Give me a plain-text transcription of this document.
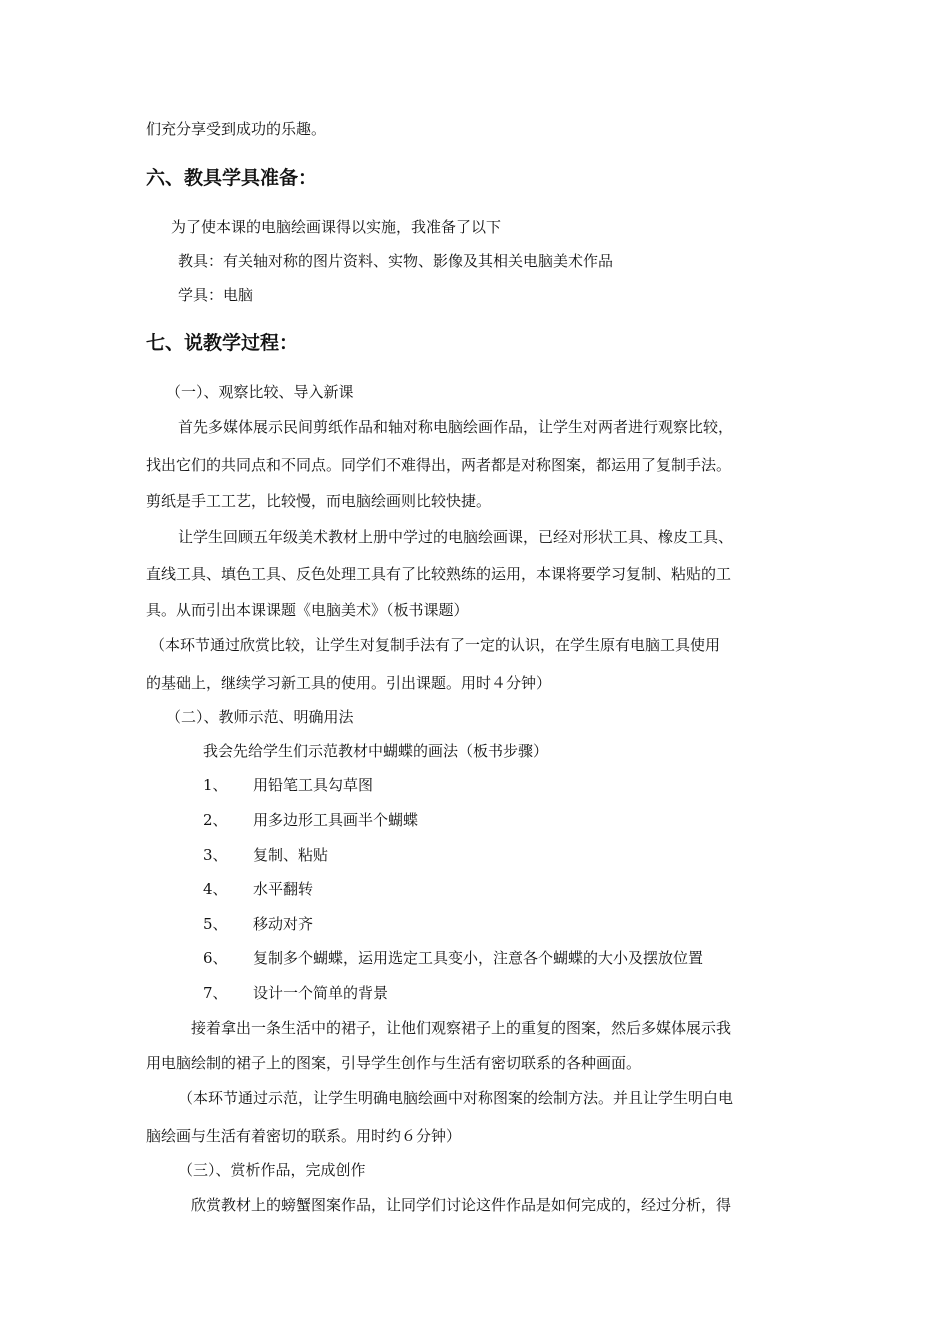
们充分享受到成功的乐趣。
六、教具学具准备：
为了使本课的电脑绘画课得以实施，我准备了以下
教具：有关轴对称的图片资料、实物、影像及其相关电脑美术作品
学具：电脑
七、说教学过程：
（一）、观察比较、导入新课
首先多媒体展示民间剪纸作品和轴对称电脑绘画作品，让学生对两者进行观察比较，
找出它们的共同点和不同点。同学们不难得出，两者都是对称图案，都运用了复制手法。
剪纸是手工工艺，比较慢，而电脑绘画则比较快捷。
让学生回顾五年级美术教材上册中学过的电脑绘画课，已经对形状工具、橡皮工具、
直线工具、填色工具、反色处理工具有了比较熟练的运用，本课将要学习复制、粘贴的工
具。从而引出本课课题《电脑美术》（板书课题）
（本环节通过欣赏比较，让学生对复制手法有了一定的认识，在学生原有电脑工具使用
的基础上，继续学习新工具的使用。引出课题。用时４分钟）
（二）、教师示范、明确用法
我会先给学生们示范教材中蝴蝶的画法（板书步骤）
1、 用铅笔工具勾草图
2、 用多边形工具画半个蝴蝶
3、 复制、粘贴
4、 水平翻转
5、 移动对齐
6、 复制多个蝴蝶，运用选定工具变小，注意各个蝴蝶的大小及摆放位置
7、 设计一个简单的背景
接着拿出一条生活中的裙子，让他们观察裙子上的重复的图案，然后多媒体展示我
用电脑绘制的裙子上的图案，引导学生创作与生活有密切联系的各种画面。
（本环节通过示范，让学生明确电脑绘画中对称图案的绘制方法。并且让学生明白电
脑绘画与生活有着密切的联系。用时约６分钟）
（三）、赏析作品，完成创作
欣赏教材上的螃蟹图案作品，让同学们讨论这件作品是如何完成的，经过分析，得
